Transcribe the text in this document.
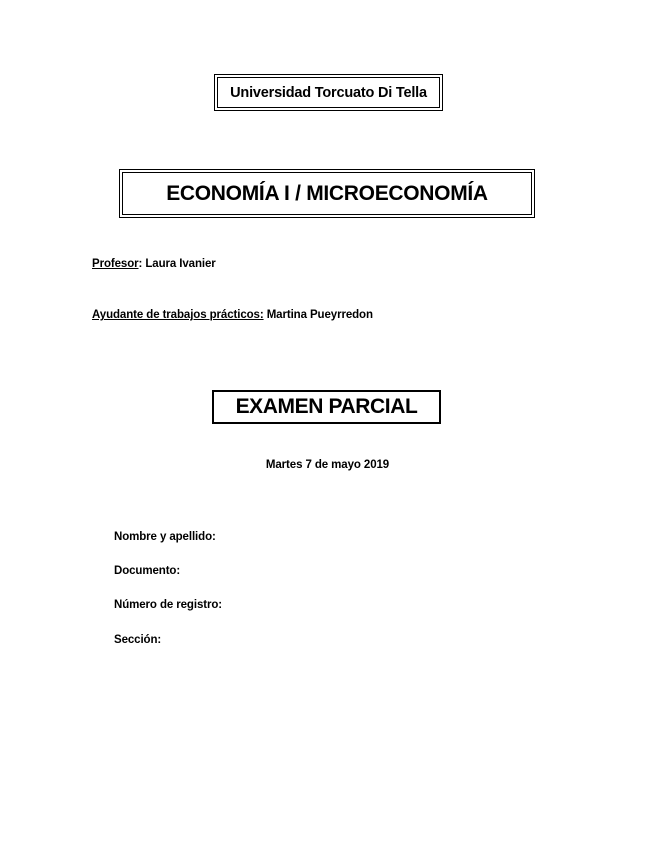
Universidad Torcuato Di Tella
ECONOMÍA I / MICROECONOMÍA
Profesor: Laura Ivanier
Ayudante de trabajos prácticos: Martina Pueyrredon
EXAMEN PARCIAL
Martes 7 de mayo 2019
Nombre y apellido:
Documento:
Número de registro:
Sección:
